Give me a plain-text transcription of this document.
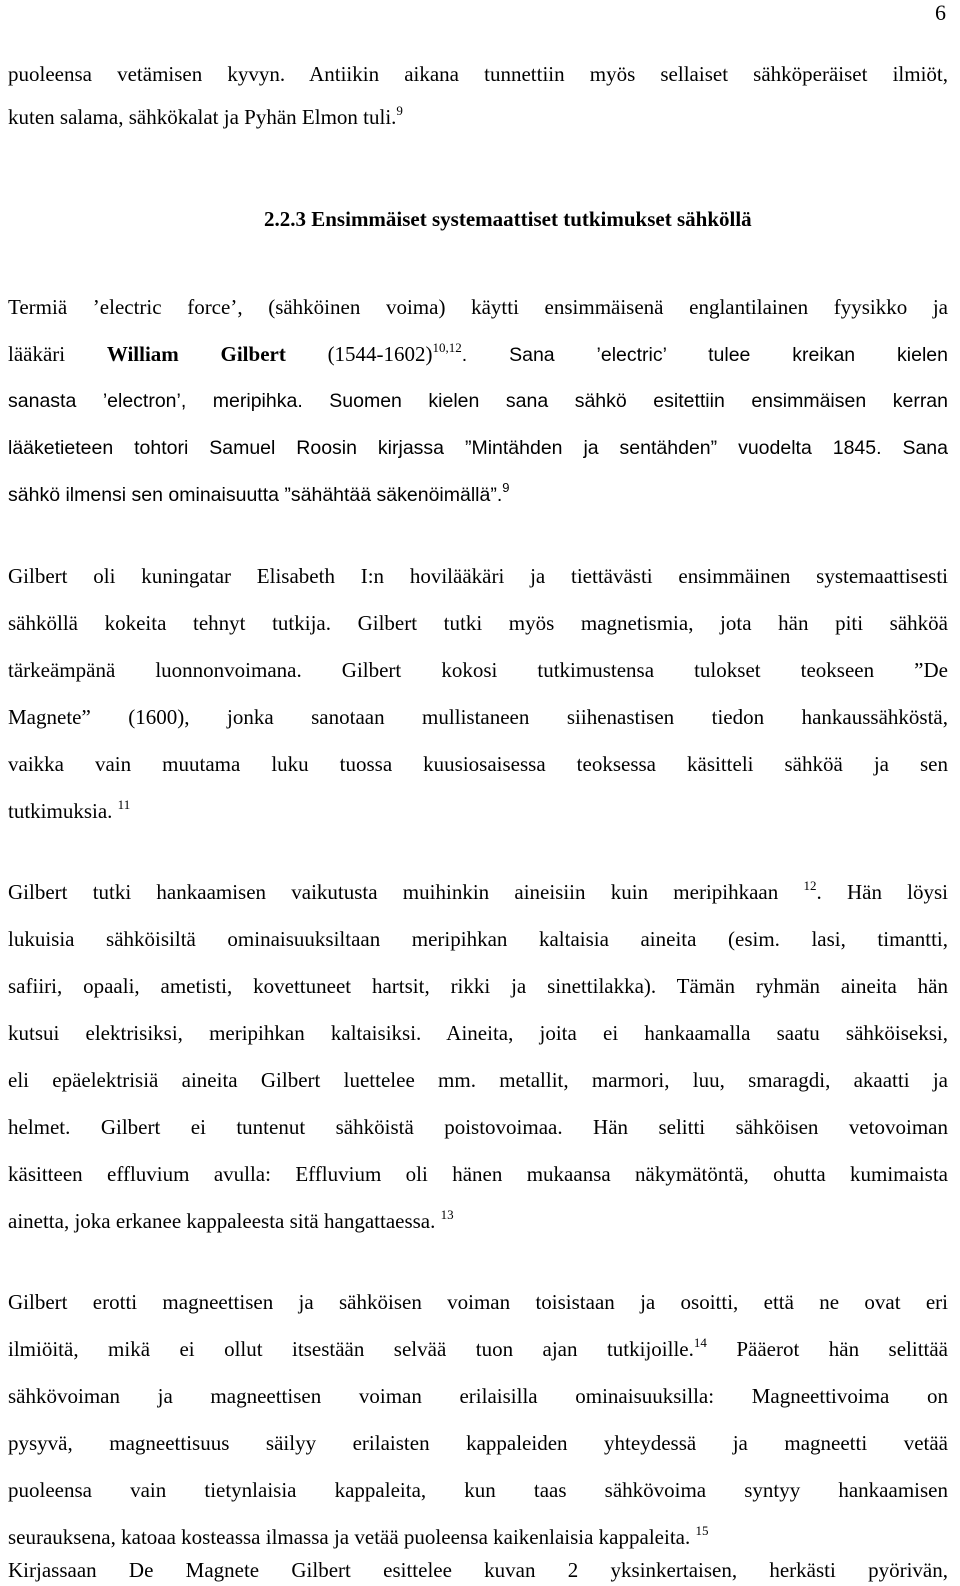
6
puoleensa vetämisen kyvyn. Antiikin aikana tunnettiin myös sellaiset sähköperäiset ilmiöt,
kuten salama, sähkökalat ja Pyhän Elmon tuli.$^9$
2.2.3 Ensimmäiset systemaattiset tutkimukset sähköllä
Termiä ’electric force’, (sähköinen voima) käytti ensimmäisenä englantilainen fyysikko ja
lääkäri William Gilbert (1544-1602)$^{10,12}$. Sana ’electric’ tulee kreikan kielen
sanasta ’electron’, meripihka. Suomen kielen sana sähkö esitettiin ensimmäisen kerran
lääketieteen tohtori Samuel Roosin kirjassa ”Mintähden ja sentähden” vuodelta 1845. Sana
sähkö ilmensi sen ominaisuutta ”sähähtää säkenöimällä”.$^9$
Gilbert oli kuningatar Elisabeth I:n hovilääkäri ja tiettävästi ensimmäinen systemaattisesti
sähköllä kokeita tehnyt tutkija. Gilbert tutki myös magnetismia, jota hän piti sähköä
tärkeämpänä luonnonvoimana. Gilbert kokosi tutkimustensa tulokset teokseen ”De
Magnete” (1600), jonka sanotaan mullistaneen siihenastisen tiedon hankaussähköstä,
vaikka vain muutama luku tuossa kuusiosaisessa teoksessa käsitteli sähköä ja sen
tutkimuksia. $^{11}$
Gilbert tutki hankaamisen vaikutusta muihinkin aineisiin kuin meripihkaan $^{12}$. Hän löysi
lukuisia sähköisiltä ominaisuuksiltaan meripihkan kaltaisia aineita (esim. lasi, timantti,
safiiri, opaali, ametisti, kovettuneet hartsit, rikki ja sinettilakka). Tämän ryhmän aineita hän
kutsui elektrisiksi, meripihkan kaltaisiksi. Aineita, joita ei hankaamalla saatu sähköiseksi,
eli epäelektrisiä aineita Gilbert luettelee mm. metallit, marmori, luu, smaragdi, akaatti ja
helmet. Gilbert ei tuntenut sähköistä poistovoimaa. Hän selitti sähköisen vetovoiman
käsitteen effluvium avulla: Effluvium oli hänen mukaansa näkymätöntä, ohutta kumimaista
ainetta, joka erkanee kappaleesta sitä hangattaessa. $^{13}$
Gilbert erotti magneettisen ja sähköisen voiman toisistaan ja osoitti, että ne ovat eri
ilmiöitä, mikä ei ollut itsestään selvää tuon ajan tutkijoille.$^{14}$ Pääerot hän selittää
sähkövoiman ja magneettisen voiman erilaisilla ominaisuuksilla: Magneettivoima on
pysyvä, magneettisuus säilyy erilaisten kappaleiden yhteydessä ja magneetti vetää
puoleensa vain tietynlaisia kappaleita, kun taas sähkövoima syntyy hankaamisen
seurauksena, katoaa kosteassa ilmassa ja vetää puoleensa kaikenlaisia kappaleita. $^{15}$
Kirjassaan De Magnete Gilbert esittelee kuvan 2 yksinkertaisen, herkästi pyörivän,
